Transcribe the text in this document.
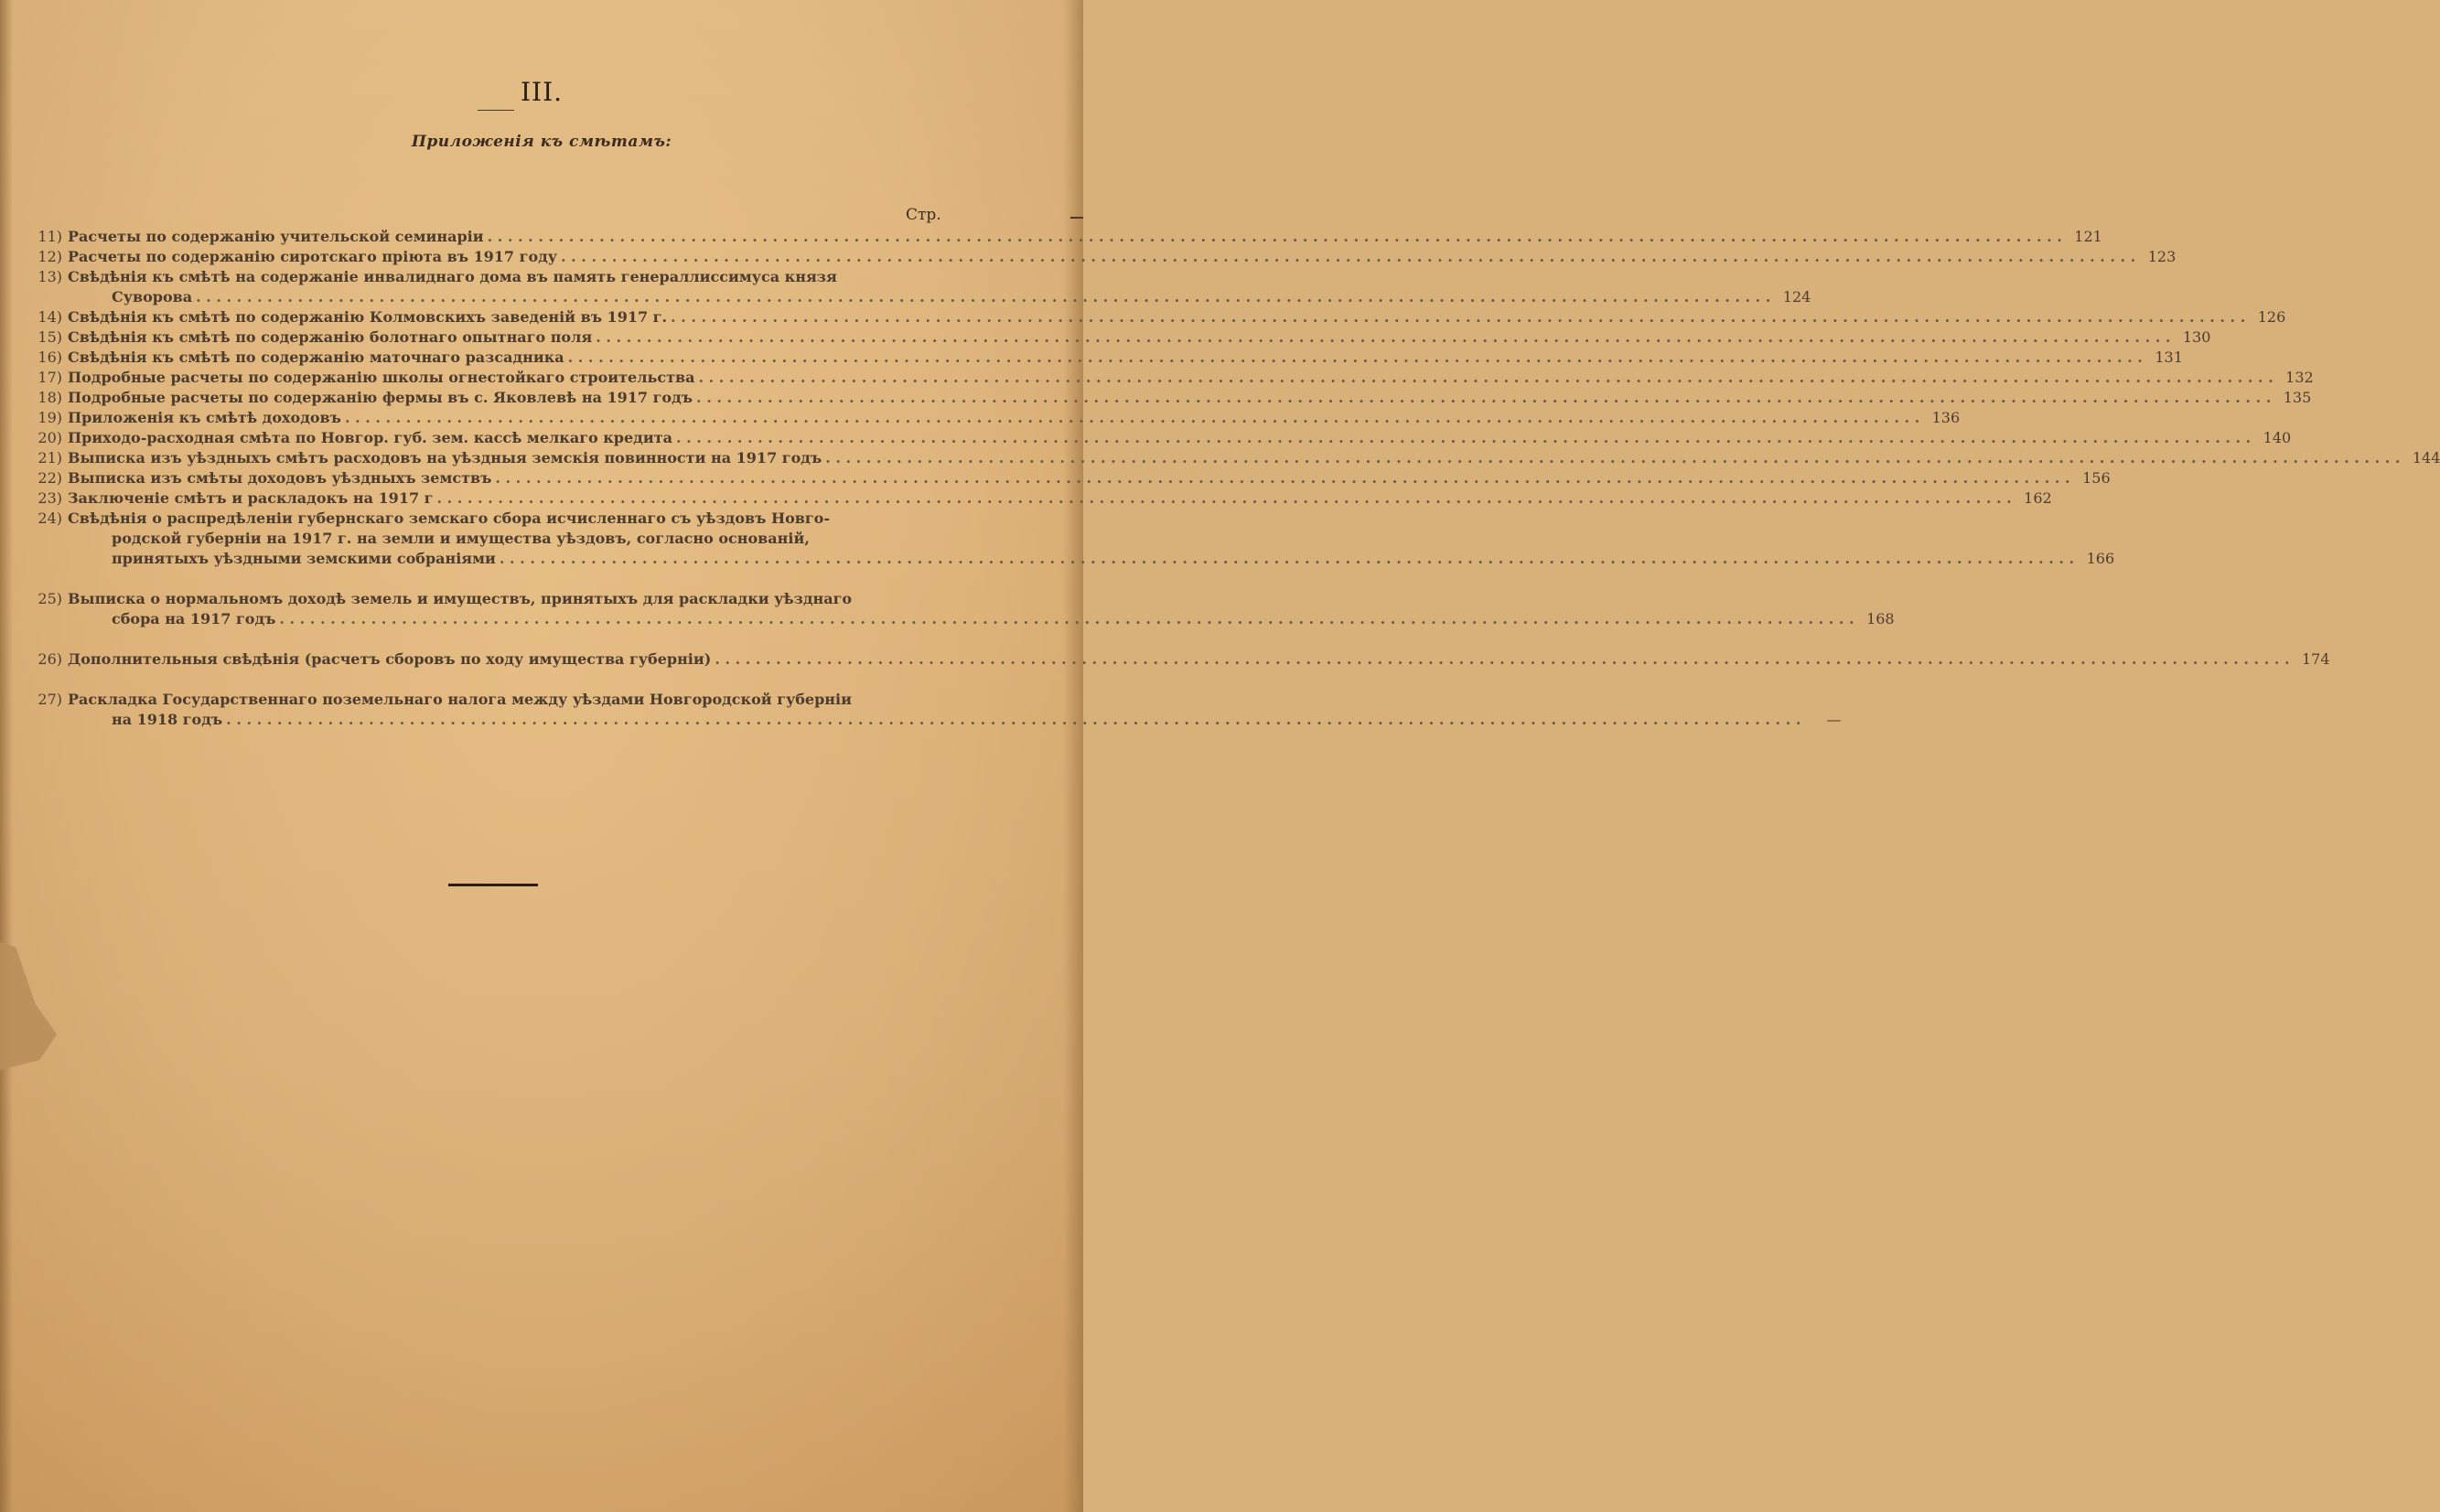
III.
Приложенія къ смѣтамъ:
Стр.
11) Расчеты по содержанію учительской семинаріи . . .	121
12) Расчеты по содержанію сиротскаго пріюта въ 1917 году . . .	123
13) Свѣдѣнія къ смѣтѣ на содержаніе инвалиднаго дома въ память генераллиссимуса князя
Суворова . . .	124
14) Свѣдѣнія къ смѣтѣ по содержанію Колмовскихъ заведеній въ 1917 г. . . .	126
15) Свѣдѣнія къ смѣтѣ по содержанію болотнаго опытнаго поля . . .	130
16) Свѣдѣнія къ смѣтѣ по содержанію маточнаго разсадника . . .	131
17) Подробные расчеты по содержанію школы огнестойкаго строительства . . .	132
18) Подробные расчеты по содержанію фермы въ с. Яковлевѣ на 1917 годъ . . .	135
19) Приложенія къ смѣтѣ доходовъ . . .	136
20) Приходо-расходная смѣта по Новгор. губ. зем. кассѣ мелкаго кредита . . .	140
21) Выписка изъ уѣздныхъ смѣтъ расходовъ на уѣздныя земскія повинности на 1917 годъ . . .	144
22) Выписка изъ смѣты доходовъ уѣздныхъ земствъ . . .	156
23) Заключеніе смѣтъ и раскладокъ на 1917 г . . .	162
24) Свѣдѣнія о распредѣленіи губернскаго земскаго сбора исчисленнаго съ уѣздовъ Новго-
родской губерніи на 1917 г. на земли и имущества уѣздовъ, согласно основаній,
принятыхъ уѣздными земскими собраніями . . .	166
25) Выписка о нормальномъ доходѣ земель и имуществъ, принятыхъ для раскладки уѣзднаго
сбора на 1917 годъ . . .	168
26) Дополнительныя свѣдѣнія (расчетъ сборовъ по ходу имущества губерніи) . . .	174
27) Раскладка Государственнаго поземельнаго налога между уѣздами Новгородской губерніи
на 1918 годъ . . .	—
